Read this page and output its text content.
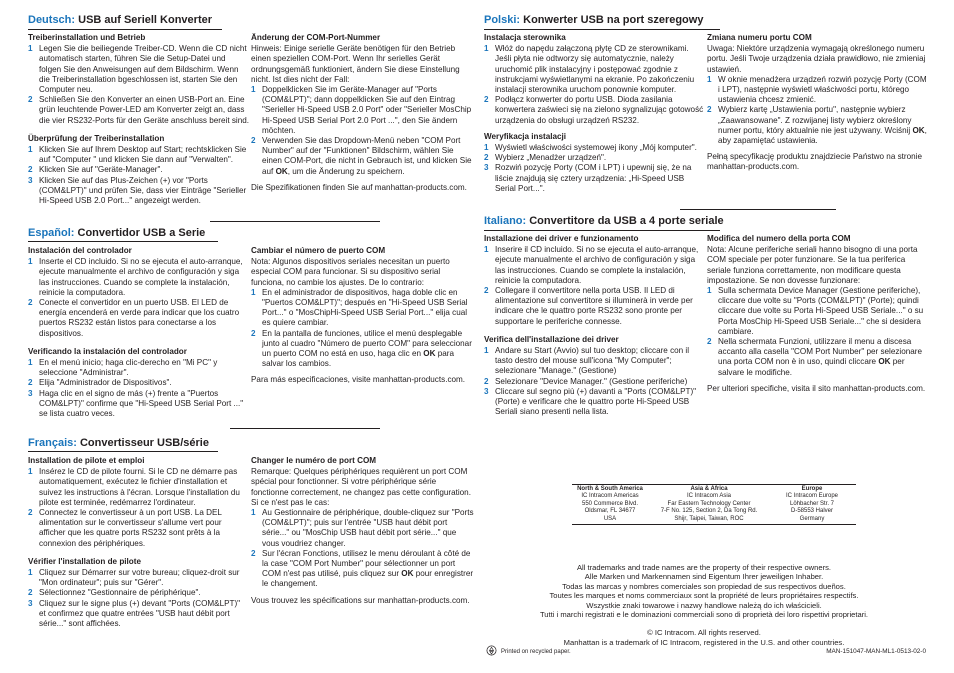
Deutsch: USB auf Seriell Konverter
Treiberinstallation und Betrieb
1 Legen Sie die beiliegende Treiber-CD. Wenn die CD nicht automatisch starten, führen Sie die Setup-Datei und folgen Sie den Anweisungen auf dem Bildschirm. Wenn die Treiberinstallation bgeschlossen ist, starten Sie den Computer neu.
2 Schließen Sie den Konverter an einen USB-Port an. Eine grün leuchtende Power-LED am Konverter zeigt an, dass die vier RS232-Ports für den Geräte anschluss bereit sind.
Überprüfung der Treiberinstallation
1 Klicken Sie auf Ihrem Desktop auf Start; rechtsklicken Sie auf "Computer " und klicken Sie dann auf "Verwalten".
2 Klicken Sie auf "Geräte-Manager".
3 Klicken Sie auf das Plus-Zeichen (+) vor "Ports (COM&LPT)" und prüfen Sie, dass vier Einträge "Serieller Hi-Speed USB 2.0 Port..." angezeigt werden.
Änderung der COM-Port-Nummer
Hinweis: Einige serielle Geräte benötigen für den Betrieb einen speziellen COM-Port. Wenn Ihr serielles Gerät ordnungsgemäß funktioniert, ändern Sie diese Einstellung nicht. Ist dies nicht der Fall:
1 Doppelklicken Sie im Geräte-Manager auf "Ports (COM&LPT)"; dann doppelklicken Sie auf den Eintrag "Serieller Hi-Speed USB 2.0 Port" oder "Serieller MosChip Hi-Speed USB Serial Port 2.0 Port ...", den Sie ändern möchten.
2 Verwenden Sie das Dropdown-Menü neben "COM Port Number" auf der "Funktionen" Bildschirm, wählen Sie einen COM-Port, die nicht in Gebrauch ist, und klicken Sie auf OK, um die Änderung zu speichern.
Die Spezifikationen finden Sie auf manhattan-products.com.
Español: Convertidor USB a Serie
Instalación del controlador
1 Inserte el CD incluido. Si no se ejecuta el auto-arranque, ejecute manualmente el archivo de configuración y siga las instrucciones. Cuando se complete la instalación, reinicie la computadora.
2 Conecte el convertidor en un puerto USB. El LED de energía encenderá en verde para indicar que los cuatro puertos RS232 están listos para conectarse a los dispositivos.
Verificando la instalación del controlador
1 En el menú inicio; haga clic-derecho en "Mi PC" y seleccione "Administrar".
2 Elija "Administrador de Dispositivos".
3 Haga clic en el signo de más (+) frente a "Puertos COM&LPT)" confirme que "Hi-Speed USB Serial Port ..." se lista cuatro veces.
Cambiar el número de puerto COM
Nota: Algunos dispositivos seriales necesitan un puerto especial COM para funcionar. Si su dispositivo serial funciona, no cambie los ajustes. De lo contrario:
1 En el administrador de dispositivos, haga doble clic en "Puertos COM&LPT)"; después en "Hi-Speed USB Serial Port..." o "MosChipHi-Speed USB Serial Port..." elija cual es quiere cambiar.
2 En la pantalla de funciones, utilice el menú desplegable junto al cuadro "Número de puerto COM" para seleccionar un puerto COM no está en uso, haga clic en OK para salvar los cambios.
Para más especificaciones, visite manhattan-products.com.
Français: Convertisseur USB/série
Installation de pilote et emploi
1 Insérez le CD de pilote fourni. Si le CD ne démarre pas automatiquement, exécutez le fichier d'installation et suivez les instructions à l'écran. Lorsque l'installation du pilote est terminée, redémarrez l'ordinateur.
2 Connectez le convertisseur à un port USB. La DEL alimentation sur le convertisseur s'allume vert pour afficher que les quatre ports RS232 sont prêts à la connexion des périphériques.
Vérifier l'installation de pilote
1 Cliquez sur Démarrer sur votre bureau; cliquez-droit sur "Mon ordinateur"; puis sur "Gérer".
2 Sélectionnez "Gestionnaire de périphérique".
3 Cliquez sur le signe plus (+) devant "Ports (COM&LPT)" et confirmez que quatre entrées "USB haut débit port série..." sont affichées.
Changer le numéro de port COM
Remarque: Quelques périphériques requièrent un port COM spécial pour fonctionner. Si votre périphérique série fonctionne correctement, ne changez pas cette configuration. Si ce n'est pas le cas:
1 Au Gestionnaire de périphérique, double-cliquez sur "Ports (COM&LPT)"; puis sur l'entrée "USB haut débit port série..." ou "MosChip USB haut débit port série..." que vous voudriez changer.
2 Sur l'écran Fonctions, utilisez le menu déroulant à côté de la case "COM Port Number" pour sélectionner un port COM n'est pas utilisé, puis cliquez sur OK pour enregistrer le changement.
Vous trouvez les spécifications sur manhattan-products.com.
Polski: Konwerter USB na port szeregowy
Instalacja sterownika
1 Włóż do napędu załączoną płytę CD ze sterownikami. Jeśli płyta nie odtworzy się automatycznie, należy uruchomić plik instalacyjny i postępować zgodnie z instrukcjami wyświetlanymi na ekranie. Po zakończeniu instalacji sterownika uruchom ponownie komputer.
2 Podłącz konwerter do portu USB. Dioda zasilania konwertera zaświeci się na zielono sygnalizując gotowość urządzenia do obsługi urządzeń RS232.
Weryfikacja instalacji
1 Wyświetl właściwości systemowej ikony „Mój komputer".
2 Wybierz „Menadżer urządzeń".
3 Rozwiń pozycję Porty (COM i LPT) i upewnij się, że na liście znajdują się cztery urządzenia: „Hi-Speed USB Serial Port...".
Zmiana numeru portu COM
Uwaga: Niektóre urządzenia wymagają określonego numeru portu. Jeśli Twoje urządzenia działa prawidłowo, nie zmieniaj ustawień.
1 W oknie menadżera urządzeń rozwiń pozycję Porty (COM i LPT), następnie wyświetl właściwości portu, którego ustawienia chcesz zmienić.
2 Wybierz kartę „Ustawienia portu", następnie wybierz „Zaawansowane". Z rozwijanej listy wybierz określony numer portu, który aktualnie nie jest używany. Wciśnij OK, aby zapamiętać ustawienia.
Pełną specyfikację produktu znajdziecie Państwo na stronie manhattan-products.com.
Italiano: Convertitore da USB a 4 porte seriale
Installazione dei driver e funzionamento
1 Inserire il CD incluido. Si no se ejecuta el auto-arranque, ejecute manualmente el archivo de configuración y siga las instrucciones. Cuando se complete la instalación, reinicie la computadora.
2 Collegare il convertitore nella porta USB. Il LED di alimentazione sul convertitore si illuminerà in verde per indicare che le quattro porte RS232 sono pronte per supportare le periferiche connesse.
Verifica dell'installazione dei driver
1 Andare su Start (Avvio) sul tuo desktop; cliccare con il tasto destro del mouse sull'icona "My Computer"; selezionare "Manage." (Gestione)
2 Selezionare "Device Manager." (Gestione periferiche)
3 Cliccare sul segno più (+) davanti a "Ports (COM&LPT)" (Porte) e verificare che le quattro porte Hi-Speed USB Seriali siano presenti nella lista.
Modifica del numero della porta COM
Nota: Alcune periferiche seriali hanno bisogno di una porta COM speciale per poter funzionare. Se la tua periferica seriale funziona correttamente, non modificare questa impostazione. Se non dovesse funzionare:
1 Sulla schermata Device Manager (Gestione periferiche), cliccare due volte su "Ports (COM&LPT)" (Porte); quindi cliccare due volte su Porta Hi-Speed USB Seriale..." o su Porta MosChip Hi-Speed USB Seriale..." che si desidera cambiare.
2 Nella schermata Funzioni, utilizzare il menu a discesa accanto alla casella "COM Port Number" per selezionare una porta COM non è in uso, quindi cliccare OK per salvare le modifiche.
Per ulteriori specifiche, visita il sito manhattan-products.com.
North & South America
IC Intracom Americas
550 Commerce Blvd.
Oldsmar, FL 34677
USA
Asia & Africa
IC Intracom Asia
Far Eastern Technology Center
7-F No. 125, Section 2, Da Tong Rd.
Shijr, Taipei, Taiwan, ROC
Europe
IC Intracom Europe
Löhbacher Str. 7
D-58553 Halver
Germany
All trademarks and trade names are the property of their respective owners.
Alle Marken und Markennamen sind Eigentum Ihrer jeweiligen Inhaber.
Todas las marcas y nombres comerciales son propiedad de sus respectivos dueños.
Toutes les marques et noms commerciaux sont la propriété de leurs propriétaires respectifs.
Wszystkie znaki towarowe i nazwy handlowe należą do ich właścicieli.
Tutti i marchi registrati e le dominazioni commerciali sono di proprietà dei loro rispettivi proprietari.
© IC Intracom. All rights reserved.
Manhattan is a trademark of IC Intracom, registered in the U.S. and other countries.
Printed on recycled paper.	MAN-151047-MAN-ML1-0513-02-0
